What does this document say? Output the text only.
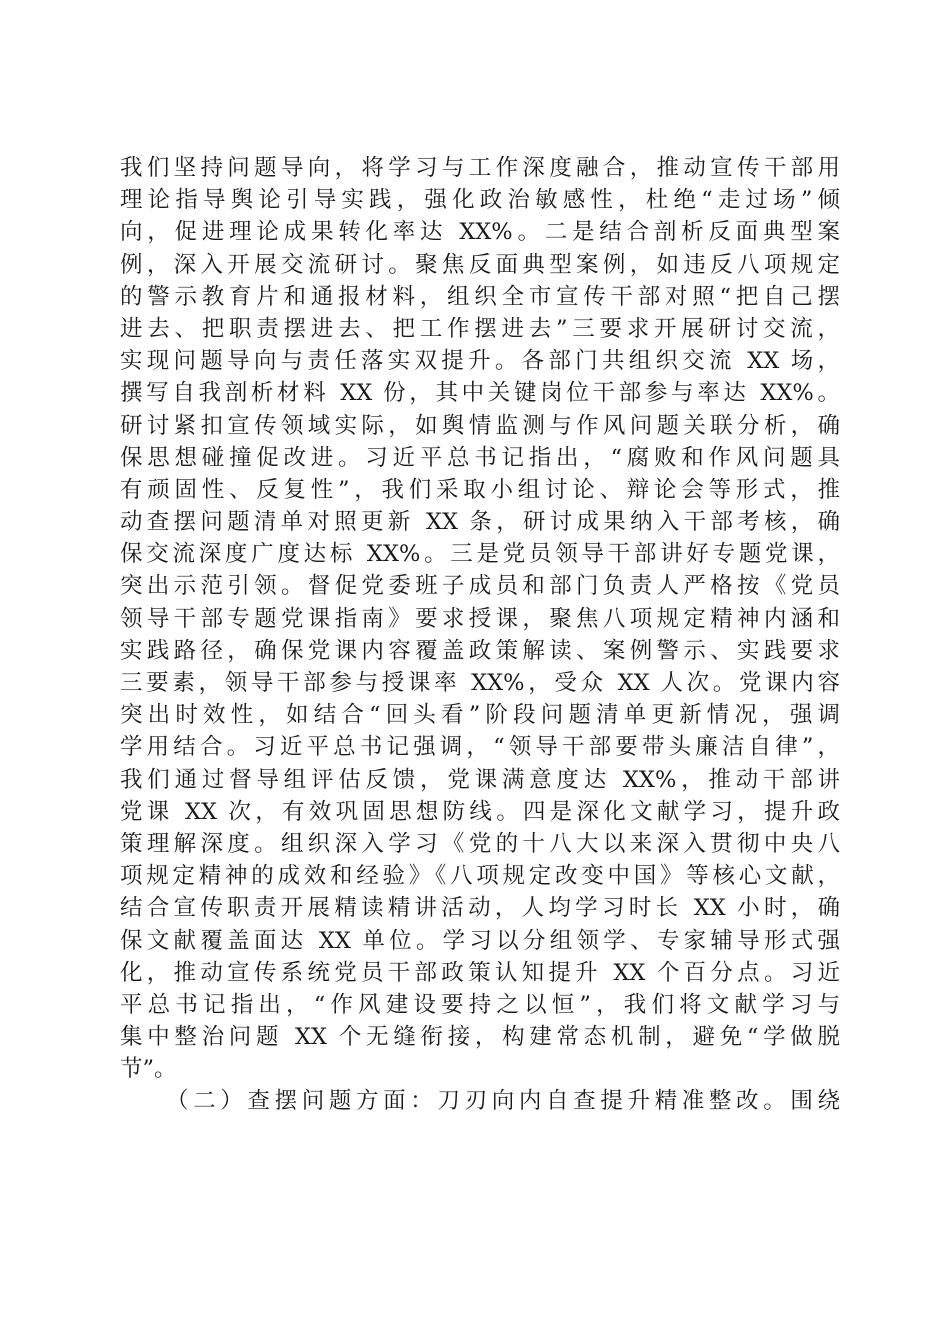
我们坚持问题导向，将学习与工作深度融合，推动宣传干部用
理论指导舆论引导实践，强化政治敏感性，杜绝“走过场”倾
向，促进理论成果转化率达 XX%。二是结合剖析反面典型案
例，深入开展交流研讨。聚焦反面典型案例，如违反八项规定
的警示教育片和通报材料，组织全市宣传干部对照“把自己摆
进去、把职责摆进去、把工作摆进去”三要求开展研讨交流，
实现问题导向与责任落实双提升。各部门共组织交流 XX 场，
撰写自我剖析材料 XX 份，其中关键岗位干部参与率达 XX%。
研讨紧扣宣传领域实际，如舆情监测与作风问题关联分析，确
保思想碰撞促改进。习近平总书记指出，“腐败和作风问题具
有顽固性、反复性”，我们采取小组讨论、辩论会等形式，推
动查摆问题清单对照更新 XX 条，研讨成果纳入干部考核，确
保交流深度广度达标 XX%。三是党员领导干部讲好专题党课，
突出示范引领。督促党委班子成员和部门负责人严格按《党员
领导干部专题党课指南》要求授课，聚焦八项规定精神内涵和
实践路径，确保党课内容覆盖政策解读、案例警示、实践要求
三要素，领导干部参与授课率 XX%，受众 XX 人次。党课内容
突出时效性，如结合“回头看”阶段问题清单更新情况，强调
学用结合。习近平总书记强调，“领导干部要带头廉洁自律”，
我们通过督导组评估反馈，党课满意度达 XX%，推动干部讲
党课 XX 次，有效巩固思想防线。四是深化文献学习，提升政
策理解深度。组织深入学习《党的十八大以来深入贯彻中央八
项规定精神的成效和经验》《八项规定改变中国》等核心文献，
结合宣传职责开展精读精讲活动，人均学习时长 XX 小时，确
保文献覆盖面达 XX 单位。学习以分组领学、专家辅导形式强
化，推动宣传系统党员干部政策认知提升 XX 个百分点。习近
平总书记指出，“作风建设要持之以恒”，我们将文献学习与
集中整治问题 XX 个无缝衔接，构建常态机制，避免“学做脱
节”。
（二）查摆问题方面：刀刃向内自查提升精准整改。围绕
